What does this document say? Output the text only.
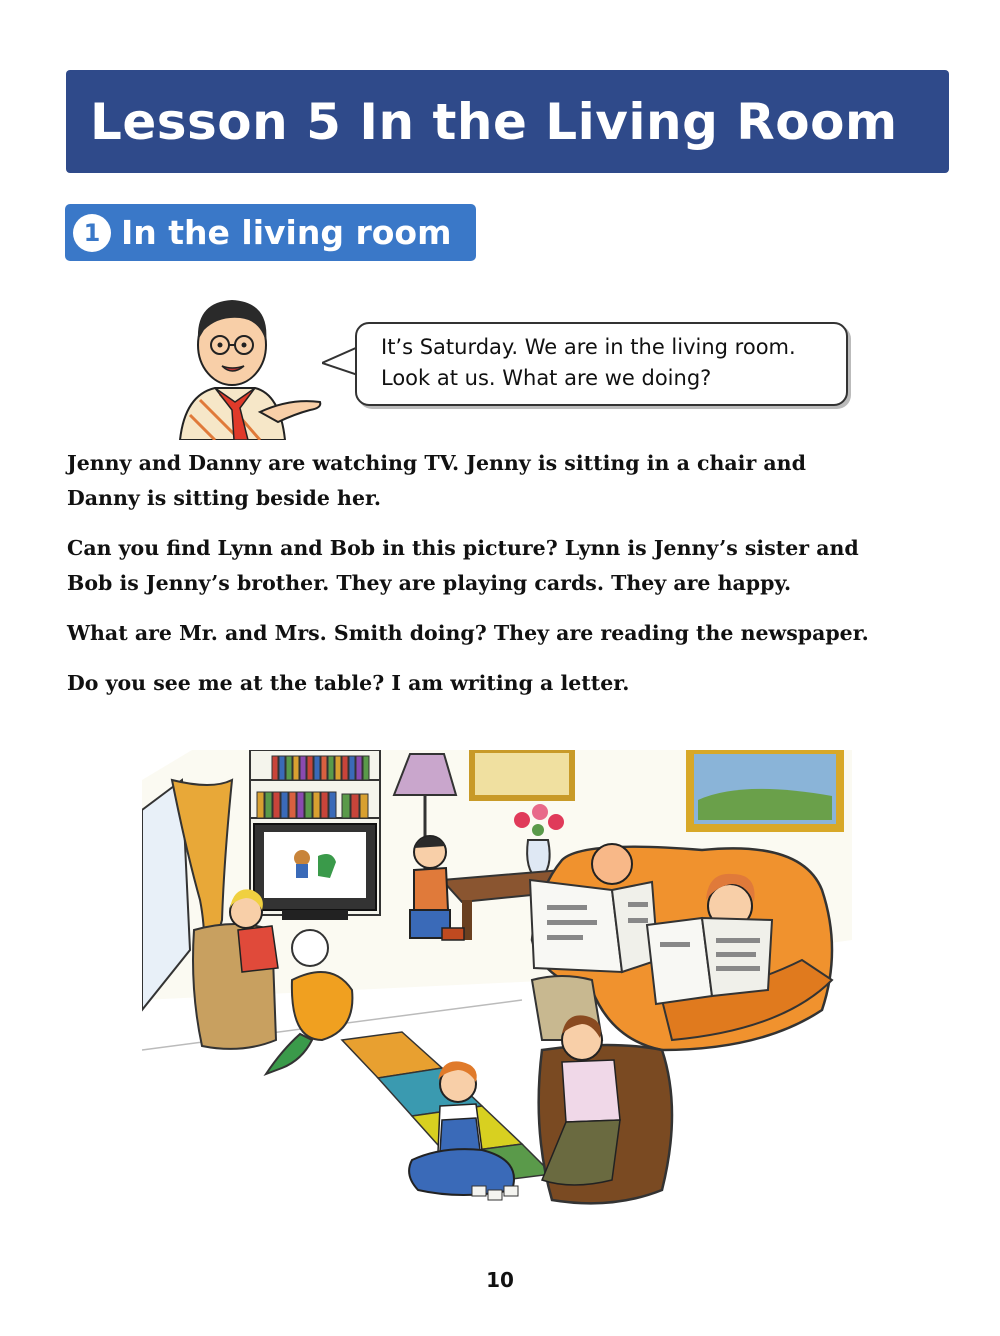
Lesson 5 In the Living Room
1 In the living room

It’s Saturday. We are in the living room.

Look at us. What are we doing?

Jenny and Danny are watching TV. Jenny is sitting in a chair and

Danny is sitting beside her.

Can you find Lynn and Bob in this picture? Lynn is Jenny’s sister and

Bob is Jenny’s brother. They are playing cards. They are happy.

What are Mr. and Mrs. Smith doing? They are reading the newspaper.

Do you see me at the table? I am writing a letter.

10
